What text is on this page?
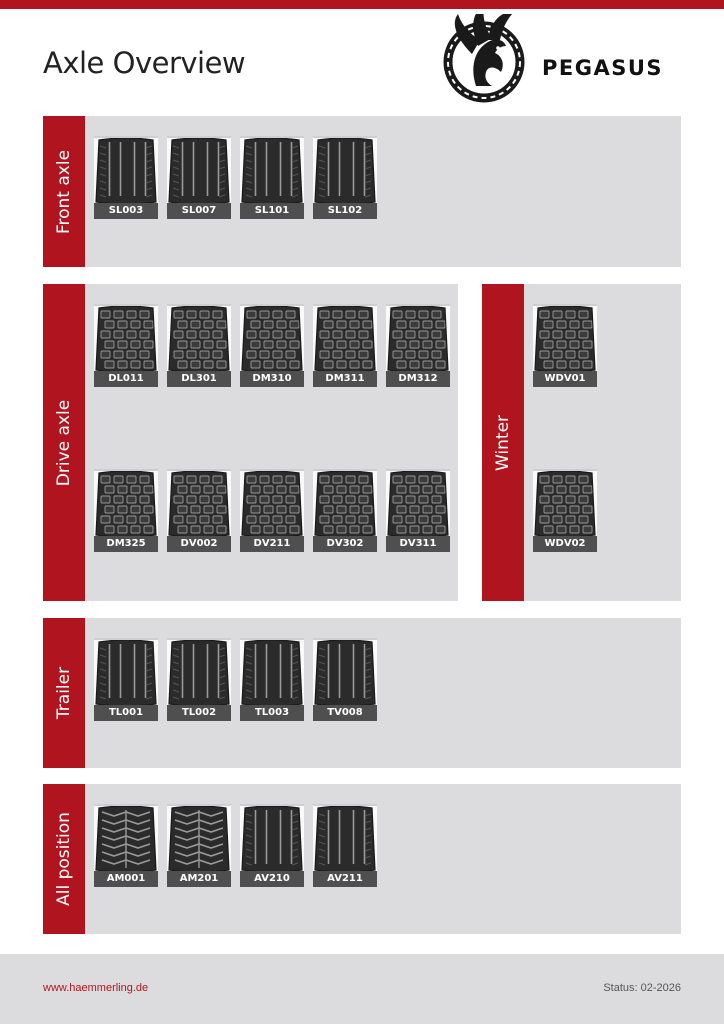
Axle Overview	PEGASUS
Front axle	SL003	SL007	SL101	SL102
Drive axle
DL011	DL301	DM310	DM311	DM312
DM325	DV002	DV211	DV302	DV311
Winter
WDV01
WDV02
Trailer	TL001	TL002	TL003	TV008
All position	AM001	AM201	AV210	AV211
www.haemmerling.de	Status: 02-2026
